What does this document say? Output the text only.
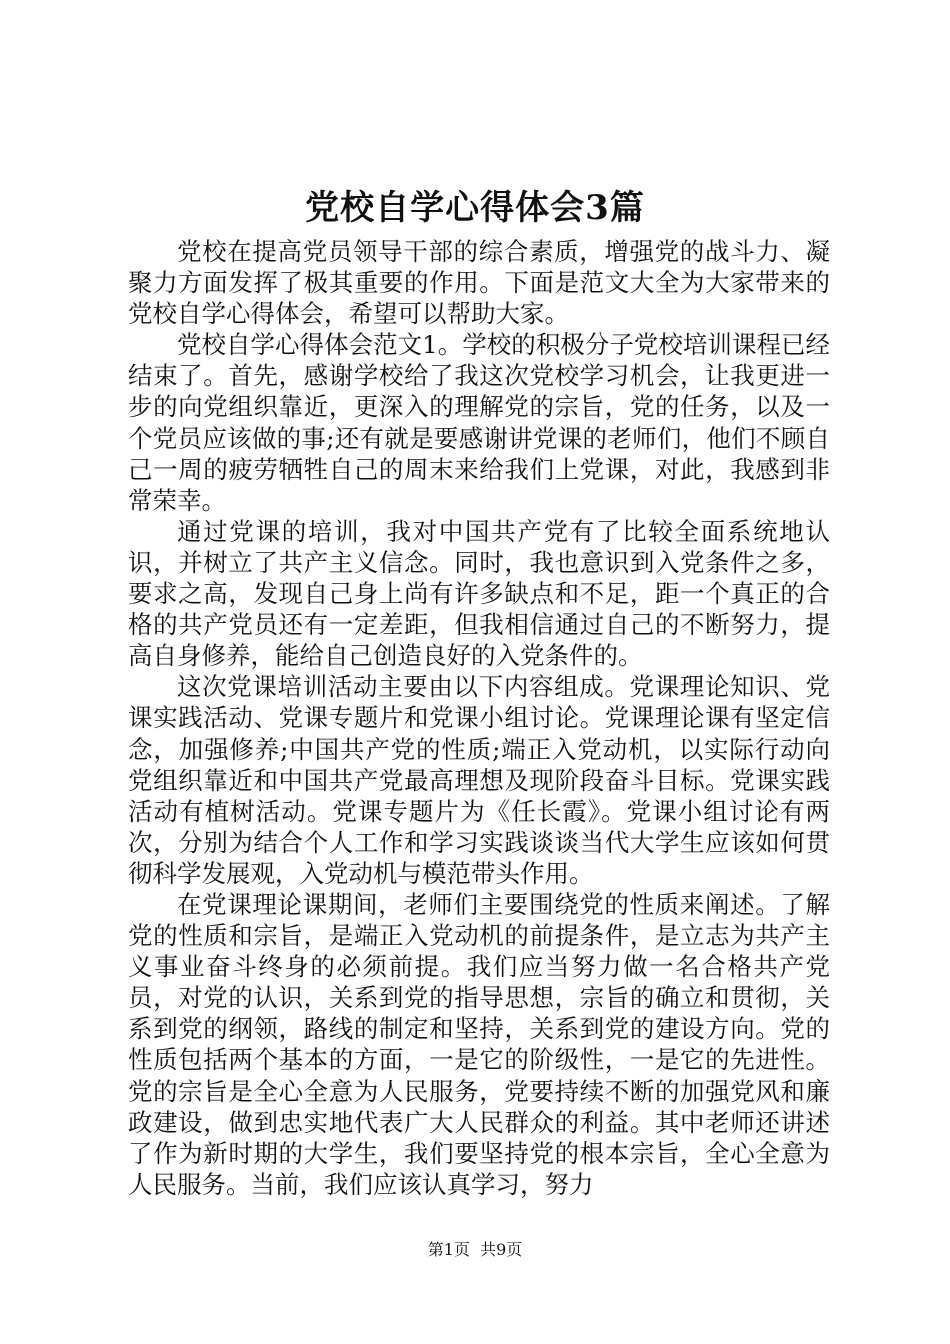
党校自学心得体会3篇

党校在提高党员领导干部的综合素质，增强党的战斗力、凝聚力方面发挥了极其重要的作用。下面是范文大全为大家带来的党校自学心得体会，希望可以帮助大家。

党校自学心得体会范文1。学校的积极分子党校培训课程已经结束了。首先，感谢学校给了我这次党校学习机会，让我更进一步的向党组织靠近，更深入的理解党的宗旨，党的任务，以及一个党员应该做的事;还有就是要感谢讲党课的老师们，他们不顾自己一周的疲劳牺牲自己的周末来给我们上党课，对此，我感到非常荣幸。

通过党课的培训，我对中国共产党有了比较全面系统地认识，并树立了共产主义信念。同时，我也意识到入党条件之多，要求之高，发现自己身上尚有许多缺点和不足，距一个真正的合格的共产党员还有一定差距，但我相信通过自己的不断努力，提高自身修养，能给自己创造良好的入党条件的。

这次党课培训活动主要由以下内容组成。党课理论知识、党课实践活动、党课专题片和党课小组讨论。党课理论课有坚定信念，加强修养;中国共产党的性质;端正入党动机，以实际行动向党组织靠近和中国共产党最高理想及现阶段奋斗目标。党课实践活动有植树活动。党课专题片为《任长霞》。党课小组讨论有两次，分别为结合个人工作和学习实践谈谈当代大学生应该如何贯彻科学发展观，入党动机与模范带头作用。

在党课理论课期间，老师们主要围绕党的性质来阐述。了解党的性质和宗旨，是端正入党动机的前提条件，是立志为共产主义事业奋斗终身的必须前提。我们应当努力做一名合格共产党员，对党的认识，关系到党的指导思想，宗旨的确立和贯彻，关系到党的纲领，路线的制定和坚持，关系到党的建设方向。党的性质包括两个基本的方面，一是它的阶级性，一是它的先进性。党的宗旨是全心全意为人民服务，党要持续不断的加强党风和廉政建设，做到忠实地代表广大人民群众的利益。其中老师还讲述了作为新时期的大学生，我们要坚持党的根本宗旨，全心全意为人民服务。当前，我们应该认真学习，努力

第1页  共9页
